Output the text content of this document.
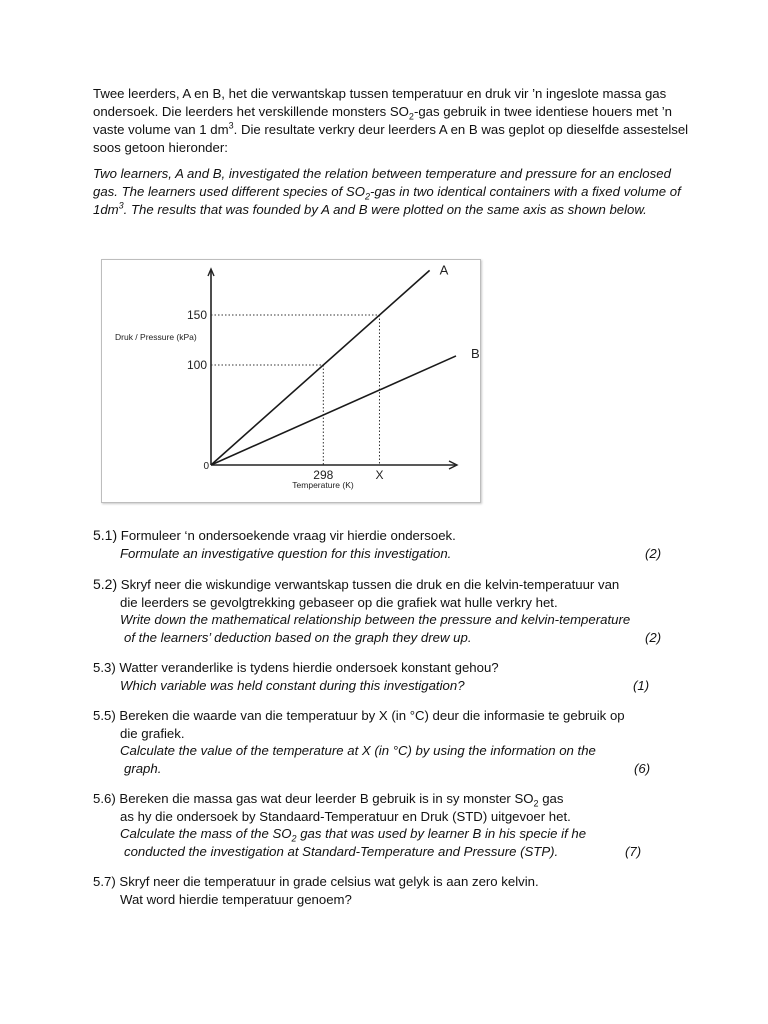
Twee leerders, A en B, het die verwantskap tussen temperatuur en druk vir ’n ingeslote massa gas ondersoek. Die leerders het verskillende monsters $SO_2$-gas gebruik in twee identiese houers met ’n vaste volume van 1 $dm^3$. Die resultate verkry deur leerders A en B was geplot op dieselfde assestelsel soos getoon hieronder:

Two learners, A and B, investigated the relation between temperature and pressure for an enclosed gas. The learners used different species of $SO_2$-gas in two identical containers with a fixed volume of $1dm^3$. The results that was founded by A and B were plotted on the same axis as shown below.

A
B
100
150
298	X
0
Druk / Pressure (kPa)
Temperature (K)
5.1) Formuleer ‘n ondersoekende vraag vir hierdie ondersoek.
Formulate an investigative question for this investigation.	(2)
5.2) Skryf neer die wiskundige verwantskap tussen die druk en die kelvin-temperatuur van
die leerders se gevolgtrekking gebaseer op die grafiek wat hulle verkry het.
Write down the mathematical relationship between the pressure and kelvin-temperature
of the learners’ deduction based on the graph they drew up.	(2)
5.3) Watter veranderlike is tydens hierdie ondersoek konstant gehou?
Which variable was held constant during this investigation?	(1)
5.5) Bereken die waarde van die temperatuur by X (in °C) deur die informasie te gebruik op
die grafiek.
Calculate the value of the temperature at X (in °C) by using the information on the
graph.	(6)
5.6) Bereken die massa gas wat deur leerder B gebruik is in sy monster $SO_2$ gas
as hy die ondersoek by Standaard-Temperatuur en Druk (STD) uitgevoer het.
Calculate the mass of the $SO_2$ gas that was used by learner B in his specie if he
conducted the investigation at Standard-Temperature and Pressure (STP).	(7)
5.7) Skryf neer die temperatuur in grade celsius wat gelyk is aan zero kelvin.
Wat word hierdie temperatuur genoem?
